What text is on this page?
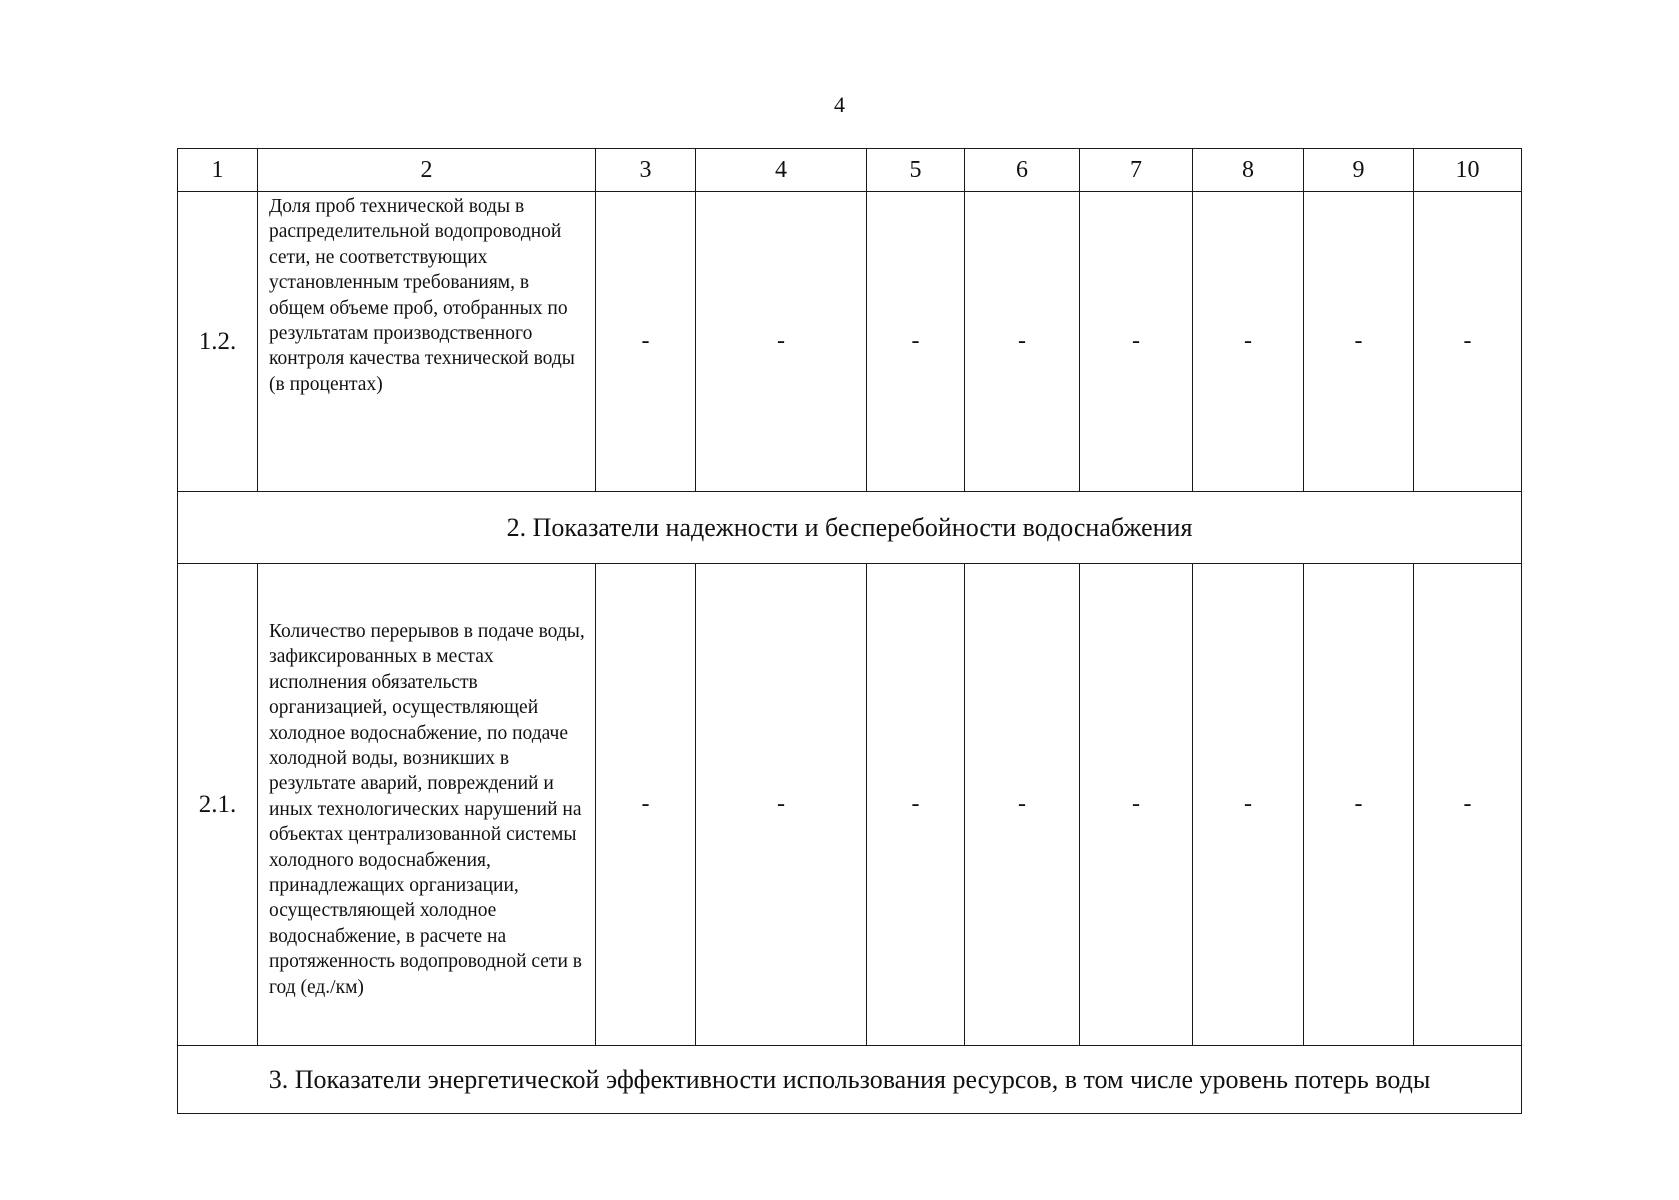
4
1	2	3	4	5	6	7	8	9	10
1.2.	Доля проб технической воды в распределительной водопроводной сети, не соответствующих установленным требованиям, в общем объеме проб, отобранных по результатам производственного контроля качества технической воды (в процентах)	-	-	-	-	-	-	-	-
2. Показатели надежности и бесперебойности водоснабжения									
2.1.	Количество перерывов в подаче воды, зафиксированных в местах исполнения обязательств организацией, осуществляющей холодное водоснабжение, по подаче холодной воды, возникших в результате аварий, повреждений и иных технологических нарушений на объектах централизованной системы холодного водоснабжения, принадлежащих организации, осуществляющей холодное водоснабжение, в расчете на протяженность водопроводной сети в год (ед./км)	-	-	-	-	-	-	-	-
3. Показатели энергетической эффективности использования ресурсов, в том числе уровень потерь воды									
